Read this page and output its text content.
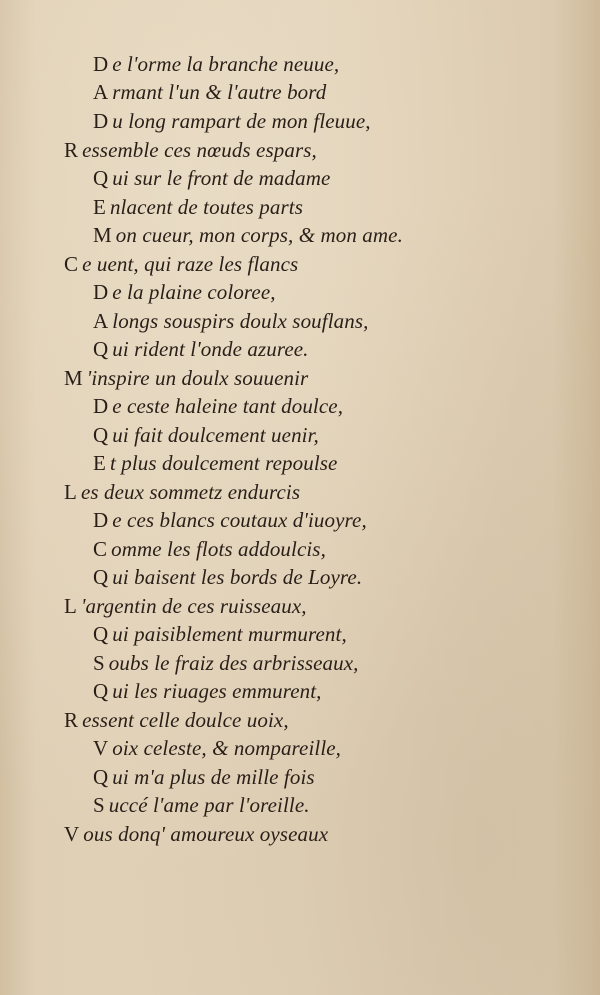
D e l'orme la branche neuue,
A rmant l'un & l'autre bord
D u long rampart de mon fleuue,
R essemble ces nœuds espars,
Q ui sur le front de madame
E nlacent de toutes parts
M on cueur, mon corps, & mon ame.
C e uent, qui raze les flancs
D e la plaine coloree,
A longs souspirs doulx souflans,
Q ui rident l'onde azuree.
M 'inspire un doulx souuenir
D e ceste haleine tant doulce,
Q ui fait doulcement uenir,
E t plus doulcement repoulse
L es deux sommetz endurcis
D e ces blancs coutaux d'iuoyre,
C omme les flots addoulcis,
Q ui baisent les bords de Loyre.
L 'argentin de ces ruisseaux,
Q ui paisiblement murmurent,
S oubs le fraiz des arbrisseaux,
Q ui les riuages emmurent,
R essent celle doulce uoix,
V oix celeste, & nompareille,
Q ui m'a plus de mille fois
S uccé l'ame par l'oreille.
V ous donq' amoureux oyseaux
